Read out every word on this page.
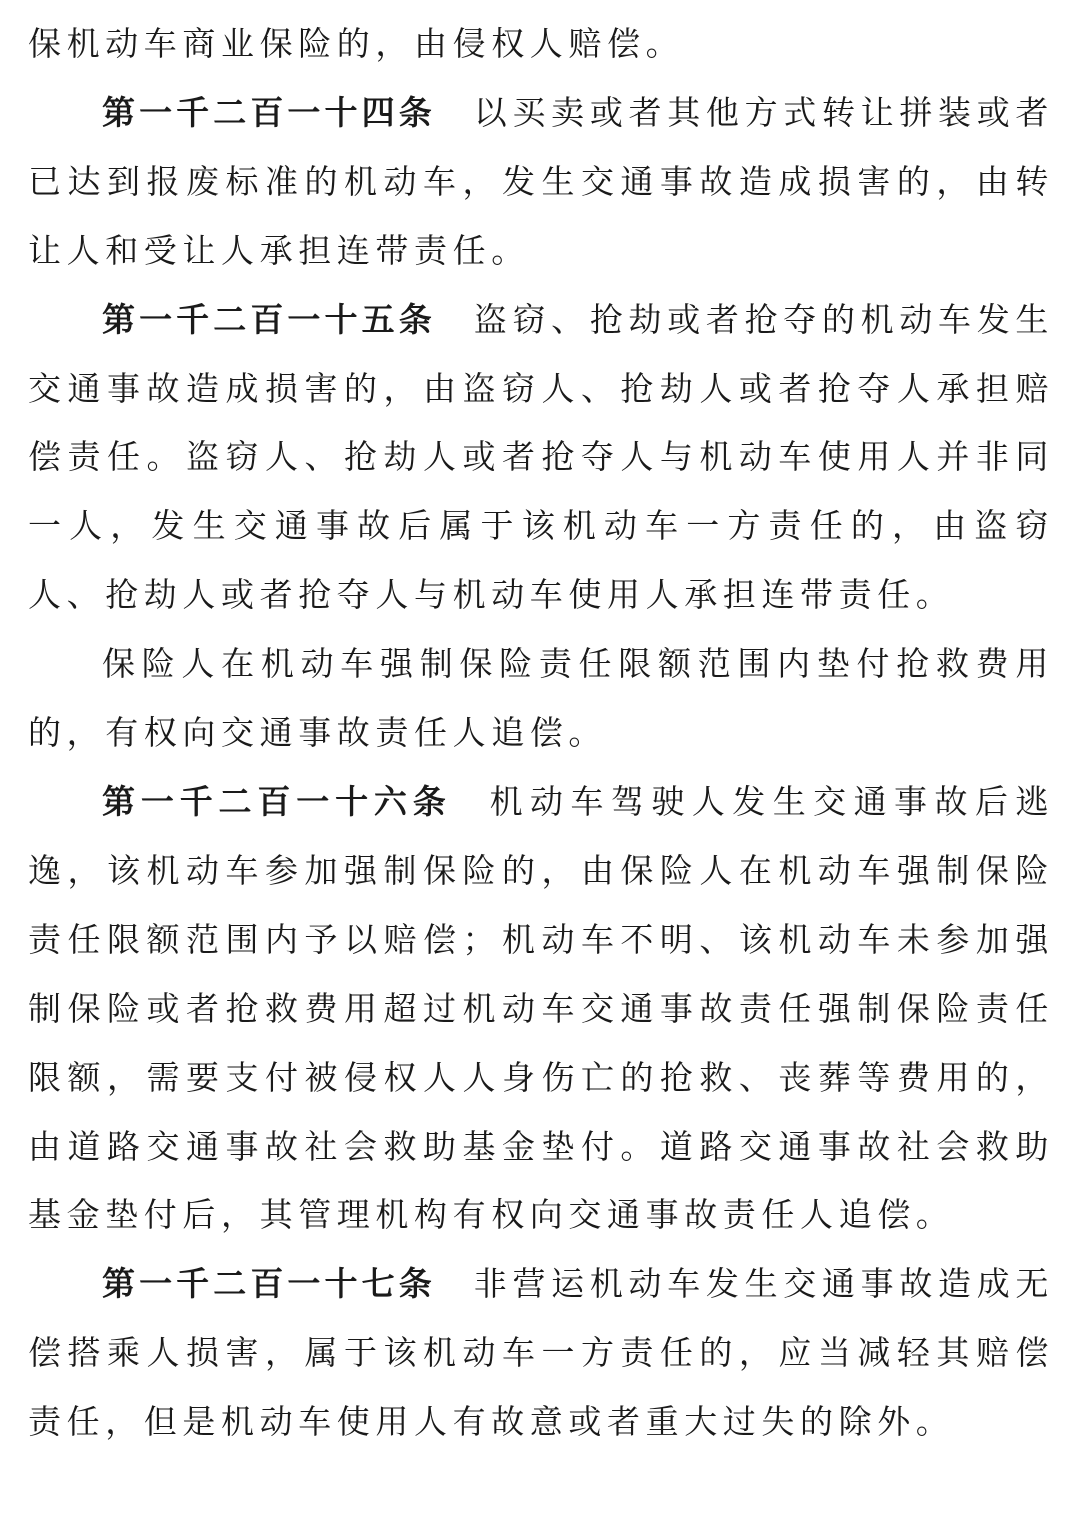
保机动车商业保险的，由侵权人赔偿。

第一千二百一十四条 以买卖或者其他方式转让拼装或者已达到报废标准的机动车，发生交通事故造成损害的，由转让人和受让人承担连带责任。

第一千二百一十五条 盗窃、抢劫或者抢夺的机动车发生交通事故造成损害的，由盗窃人、抢劫人或者抢夺人承担赔偿责任。盗窃人、抢劫人或者抢夺人与机动车使用人并非同一人，发生交通事故后属于该机动车一方责任的，由盗窃人、抢劫人或者抢夺人与机动车使用人承担连带责任。

保险人在机动车强制保险责任限额范围内垫付抢救费用的，有权向交通事故责任人追偿。

第一千二百一十六条 机动车驾驶人发生交通事故后逃逸，该机动车参加强制保险的，由保险人在机动车强制保险责任限额范围内予以赔偿；机动车不明、该机动车未参加强制保险或者抢救费用超过机动车交通事故责任强制保险责任限额，需要支付被侵权人人身伤亡的抢救、丧葬等费用的，由道路交通事故社会救助基金垫付。道路交通事故社会救助基金垫付后，其管理机构有权向交通事故责任人追偿。

第一千二百一十七条 非营运机动车发生交通事故造成无偿搭乘人损害，属于该机动车一方责任的，应当减轻其赔偿责任，但是机动车使用人有故意或者重大过失的除外。
